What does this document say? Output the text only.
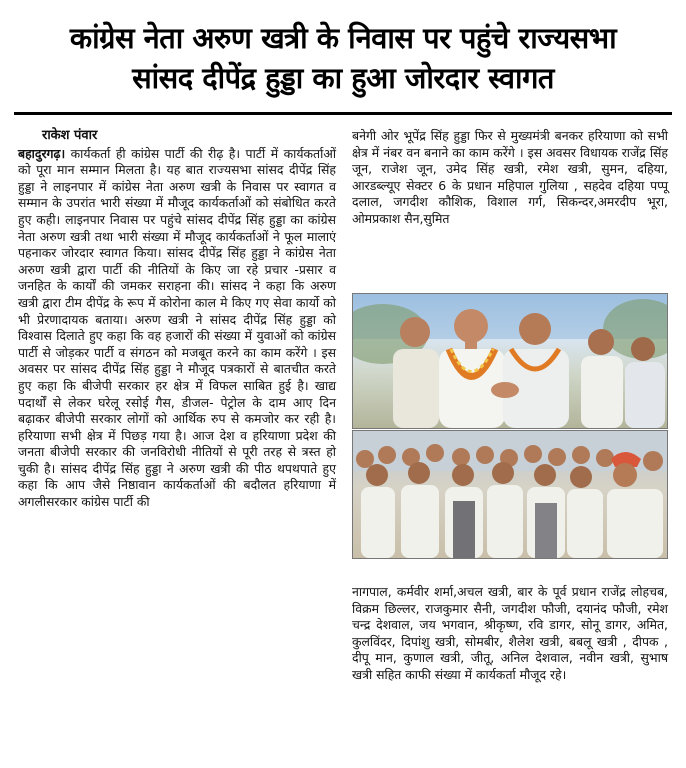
कांग्रेस नेता अरुण खत्री के निवास पर पहुंचे राज्यसभा
सांसद दीपेंद्र हुड्डा का हुआ जोरदार स्वागत
राकेश पंवार
बहादुरगढ़। कार्यकर्ता ही कांग्रेस पार्टी की रीढ़ है। पार्टी में कार्यकर्ताओं को पूरा मान सम्मान मिलता है। यह बात राज्यसभा सांसद दीपेंद्र सिंह हुड्डा ने लाइनपार में कांग्रेस नेता अरुण खत्री के निवास पर स्वागत व सम्मान के उपरांत भारी संख्या में मौजूद कार्यकर्ताओं को संबोधित करते हुए कही। लाइनपार निवास पर पहुंचे सांसद दीपेंद्र सिंह हुड्डा का कांग्रेस नेता अरुण खत्री तथा भारी संख्या में मौजूद कार्यकर्ताओं ने फूल मालाएं पहनाकर जोरदार स्वागत किया। सांसद दीपेंद्र सिंह हुड्डा ने कांग्रेस नेता अरुण खत्री द्वारा पार्टी की नीतियों के किए जा रहे प्रचार -प्रसार व जनहित के कार्यों की जमकर सराहना की। सांसद ने कहा कि अरुण खत्री द्वारा टीम दीपेंद्र के रूप में कोरोना काल मे किए गए सेवा कार्यो को भी प्रेरणादायक बताया। अरुण खत्री ने सांसद दीपेंद्र सिंह हुड्डा को विश्वास दिलाते हुए कहा कि वह हजारों की संख्या में युवाओं को कांग्रेस पार्टी से जोड़कर पार्टी व संगठन को मजबूत करने का काम करेंगे । इस अवसर पर सांसद दीपेंद्र सिंह हुड्डा ने मौजूद पत्रकारों से बातचीत करते हुए कहा कि बीजेपी सरकार हर क्षेत्र में विफल साबित हुई है। खाद्य पदार्थों से लेकर घरेलू रसोई गैस, डीजल- पेट्रोल के दाम आए दिन बढ़ाकर बीजेपी सरकार लोगों को आर्थिक रुप से कमजोर कर रही है। हरियाणा सभी क्षेत्र में पिछड़ गया है। आज देश व हरियाणा प्रदेश की जनता बीजेपी सरकार की जनविरोधी नीतियों से पूरी तरह से त्रस्त हो चुकी है। सांसद दीपेंद्र सिंह हुड्डा ने अरुण खत्री की पीठ थपथपाते हुए कहा कि आप जैसे निष्ठावान कार्यकर्ताओं की बदौलत हरियाणा में अगलीसरकार कांग्रेस पार्टी की
बनेगी ओर भूपेंद्र सिंह हुड्डा फिर से मुख्यमंत्री बनकर हरियाणा को सभी क्षेत्र में नंबर वन बनाने का काम करेंगे । इस अवसर विधायक राजेंद्र सिंह जून, राजेश जून, उमेद सिंह खत्री, रमेश खत्री, सुमन, दहिया, आरडब्ल्यूए सेक्टर 6 के प्रधान महिपाल गुलिया , सहदेव दहिया पप्पू दलाल, जगदीश कौशिक, विशाल गर्ग, सिकन्दर,अमरदीप भूरा, ओमप्रकाश सैन,सुमित
नागपाल, कर्मवीर शर्मा,अचल खत्री, बार के पूर्व प्रधान राजेंद्र लोहचब, विक्रम छिल्लर, राजकुमार सैनी, जगदीश फौजी, दयानंद फौजी, रमेश चन्द्र देशवाल, जय भगवान, श्रीकृष्ण, रवि डागर, सोनू डागर, अमित, कुलविंदर, दिपांशु खत्री, सोमबीर, शैलेश खत्री, बबलू खत्री , दीपक , दीपू मान, कुणाल खत्री, जीतू, अनिल देशवाल, नवीन खत्री, सुभाष खत्री सहित काफी संख्या में कार्यकर्ता मौजूद रहे।
